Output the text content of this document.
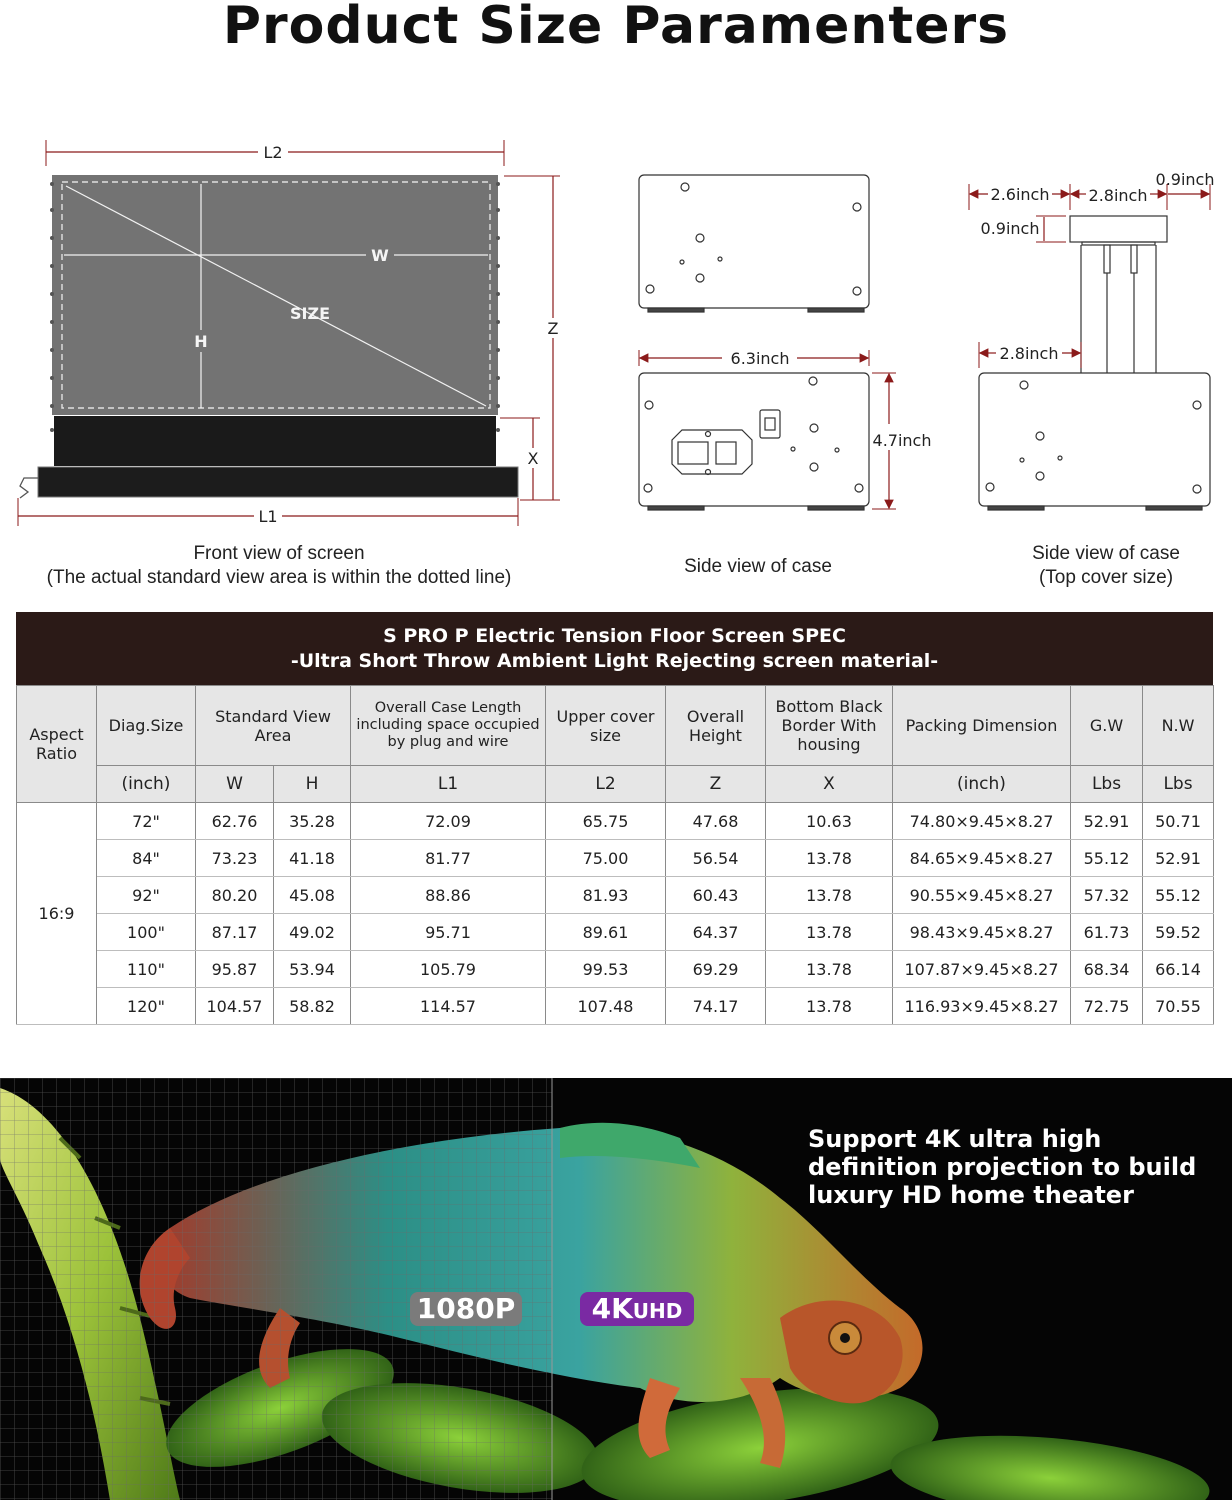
Product Size Paramenters
L2
W
H
SIZE
Z
X
L1
6.3inch
4.7inch
2.6inch 2.8inch
0.9inch
0.9inch
2.8inch
Front view of screen
(The actual standard view area is within the dotted line)
Side view of case
Side view of case
(Top cover size)
S PRO P Electric Tension Floor Screen SPEC
-Ultra Short Throw Ambient Light Rejecting screen material-
Aspect Ratio	Diag.Size	Standard View Area		Overall Case Length including space occupied by plug and wire	Upper cover size	Overall Height	Bottom Black Border With housing	Packing Dimension	G.W	N.W
	(inch)	W	H	L1	L2	Z	X	(inch)	Lbs	Lbs
16:9	72"	62.76	35.28	72.09	65.75	47.68	10.63	74.80×9.45×8.27	52.91	50.71
	84"	73.23	41.18	81.77	75.00	56.54	13.78	84.65×9.45×8.27	55.12	52.91
	92"	80.20	45.08	88.86	81.93	60.43	13.78	90.55×9.45×8.27	57.32	55.12
	100"	87.17	49.02	95.71	89.61	64.37	13.78	98.43×9.45×8.27	61.73	59.52
	110"	95.87	53.94	105.79	99.53	69.29	13.78	107.87×9.45×8.27	68.34	66.14
	120"	104.57	58.82	114.57	107.48	74.17	13.78	116.93×9.45×8.27	72.75	70.55
Support 4K ultra high definition projection to build luxury HD home theater
1080P	4KUHD
